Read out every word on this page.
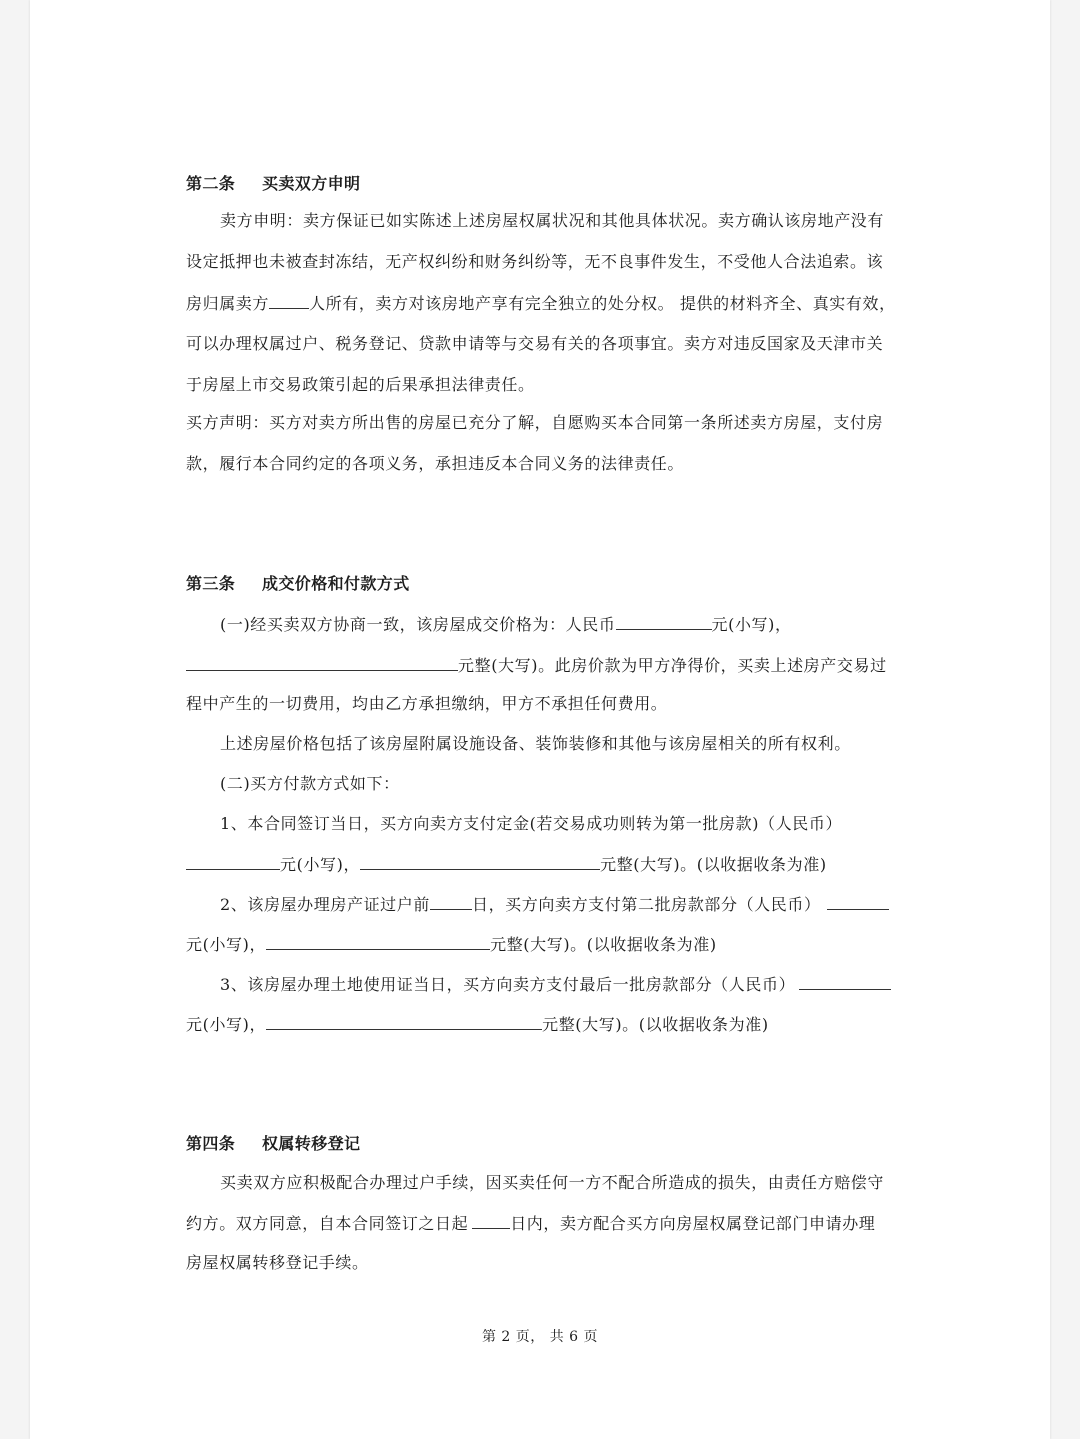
第二条 买卖双方申明
卖方申明：卖方保证已如实陈述上述房屋权属状况和其他具体状况。卖方确认该房地产没有
设定抵押也未被查封冻结，无产权纠纷和财务纠纷等，无不良事件发生，不受他人合法追索。该
房归属卖方	人所有，卖方对该房地产享有完全独立的处分权。 提供的材料齐全、真实有效，
可以办理权属过户、税务登记、贷款申请等与交易有关的各项事宜。卖方对违反国家及天津市关
于房屋上市交易政策引起的后果承担法律责任。
买方声明：买方对卖方所出售的房屋已充分了解，自愿购买本合同第一条所述卖方房屋，支付房
款，履行本合同约定的各项义务，承担违反本合同义务的法律责任。
第三条 成交价格和付款方式
(一)经买卖双方协商一致，该房屋成交价格为：人民币	元(小写)，
元整(大写)。此房价款为甲方净得价，买卖上述房产交易过
程中产生的一切费用，均由乙方承担缴纳，甲方不承担任何费用。
上述房屋价格包括了该房屋附属设施设备、装饰装修和其他与该房屋相关的所有权利。
(二)买方付款方式如下：
1、本合同签订当日，买方向卖方支付定金(若交易成功则转为第一批房款)（人民币）
元(小写)，	元整(大写)。(以收据收条为准)
2、该房屋办理房产证过户前	日，买方向卖方支付第二批房款部分（人民币）
元(小写)，	元整(大写)。(以收据收条为准)
3、该房屋办理土地使用证当日，买方向卖方支付最后一批房款部分（人民币）
元(小写)，	元整(大写)。(以收据收条为准)
第四条 权属转移登记
买卖双方应积极配合办理过户手续，因买卖任何一方不配合所造成的损失，由责任方赔偿守
约方。双方同意，自本合同签订之日起	日内，卖方配合买方向房屋权属登记部门申请办理
房屋权属转移登记手续。
第 2 页， 共 6 页
